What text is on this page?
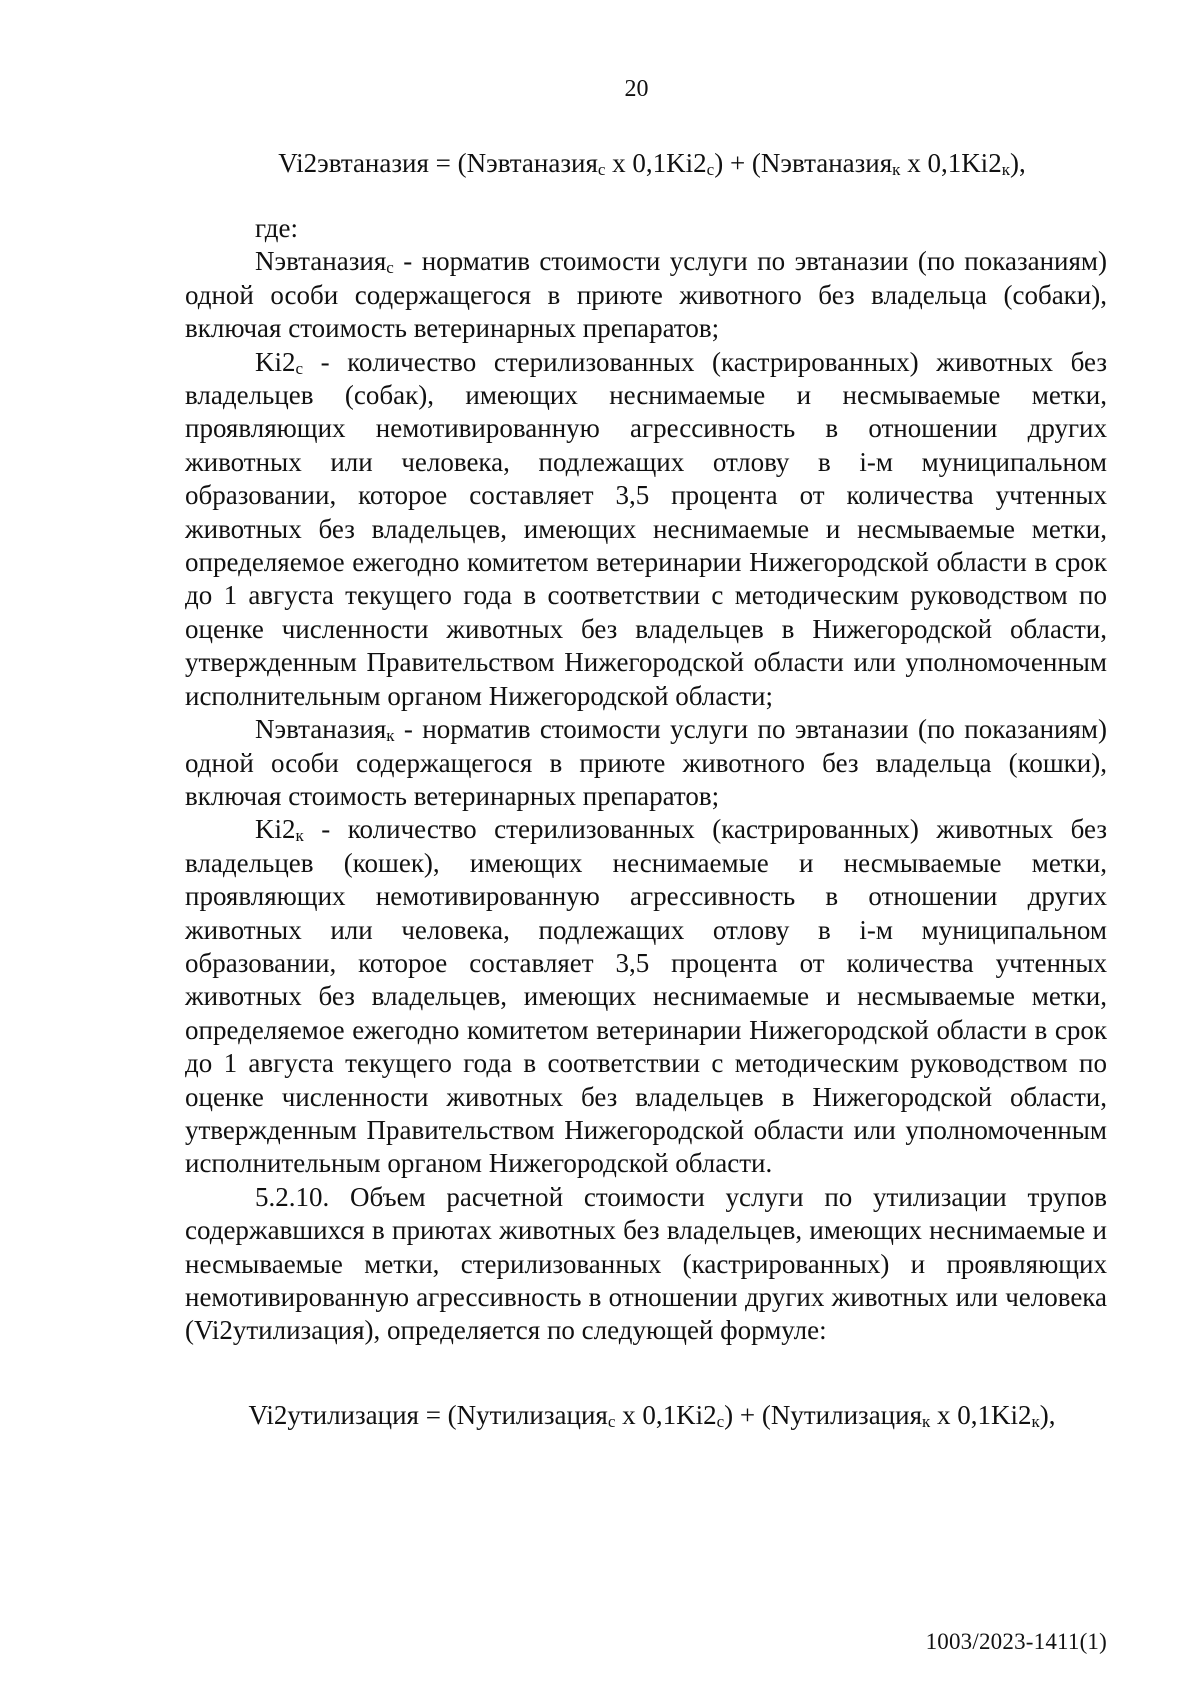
20
Vi2эвтаназия = (Nэвтаназия$_с$ х $0,1Ki2_с$) + (Nэвтаназия$_к$ х $0,1Ki2_к$),

где:

Nэвтаназия$_с$ - норматив стоимости услуги по эвтаназии (по показаниям) одной особи содержащегося в приюте животного без владельца (собаки), включая стоимость ветеринарных препаратов;

$Ki2_с$ - количество стерилизованных (кастрированных) животных без владельцев (собак), имеющих неснимаемые и несмываемые метки, проявляющих немотивированную агрессивность в отношении других животных или человека, подлежащих отлову в i-м муниципальном образовании, которое составляет 3,5 процента от количества учтенных животных без владельцев, имеющих неснимаемые и несмываемые метки, определяемое ежегодно комитетом ветеринарии Нижегородской области в срок до 1 августа текущего года в соответствии с методическим руководством по оценке численности животных без владельцев в Нижегородской области, утвержденным Правительством Нижегородской области или уполномоченным исполнительным органом Нижегородской области;

Nэвтаназия$_к$ - норматив стоимости услуги по эвтаназии (по показаниям) одной особи содержащегося в приюте животного без владельца (кошки), включая стоимость ветеринарных препаратов;

$Ki2_к$ - количество стерилизованных (кастрированных) животных без владельцев (кошек), имеющих неснимаемые и несмываемые метки, проявляющих немотивированную агрессивность в отношении других животных или человека, подлежащих отлову в i-м муниципальном образовании, которое составляет 3,5 процента от количества учтенных животных без владельцев, имеющих неснимаемые и несмываемые метки, определяемое ежегодно комитетом ветеринарии Нижегородской области в срок до 1 августа текущего года в соответствии с методическим руководством по оценке численности животных без владельцев в Нижегородской области, утвержденным Правительством Нижегородской области или уполномоченным исполнительным органом Нижегородской области.

5.2.10. Объем расчетной стоимости услуги по утилизации трупов содержавшихся в приютах животных без владельцев, имеющих неснимаемые и несмываемые метки, стерилизованных (кастрированных) и проявляющих немотивированную агрессивность в отношении других животных или человека (Vi2утилизация), определяется по следующей формуле:

Vi2утилизация = (Nутилизация$_с$ х $0,1Ki2_с$) + (Nутилизация$_к$ х $0,1Ki2_к$),
1003/2023-1411(1)
